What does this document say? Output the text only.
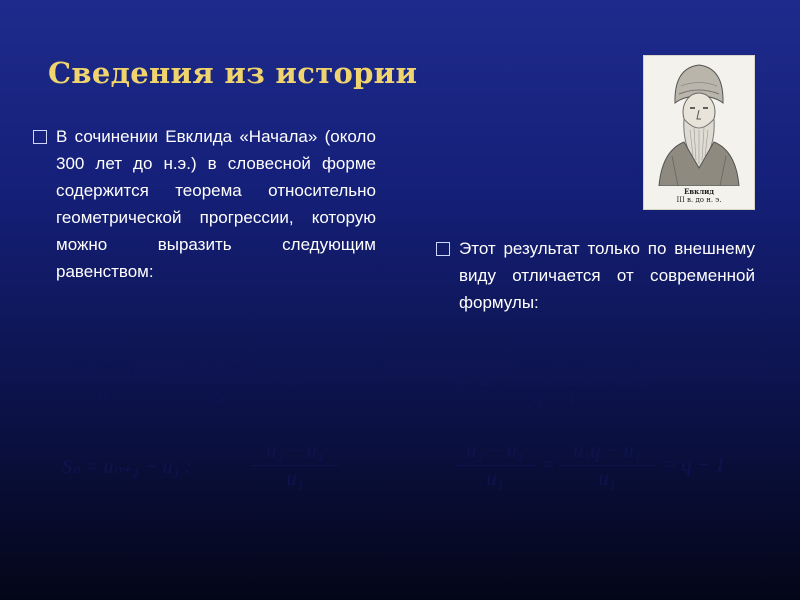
Сведения из истории

В сочинении Евклида «Начала» (около 300 лет до н.э.) в словесной форме содержится теорема относительно геометрической прогрессии, которую можно выразить следующим равенством:

Евклид
III в. до н. э.

Этот результат только по внешнему виду отличается от современной формулы:

u₂ − u₁
u₁
=
uₙ₊₁ − u₁
Sₙ
=;
Sₙ = uₙ₊₁ − u₁ :
u₂ − u₁
u₁
Sₙ =
uₙq − u₁
q − 1
, т.к.
u₂ − u₁
u₁
=
u₁q − u₁
u₁
= q − 1
